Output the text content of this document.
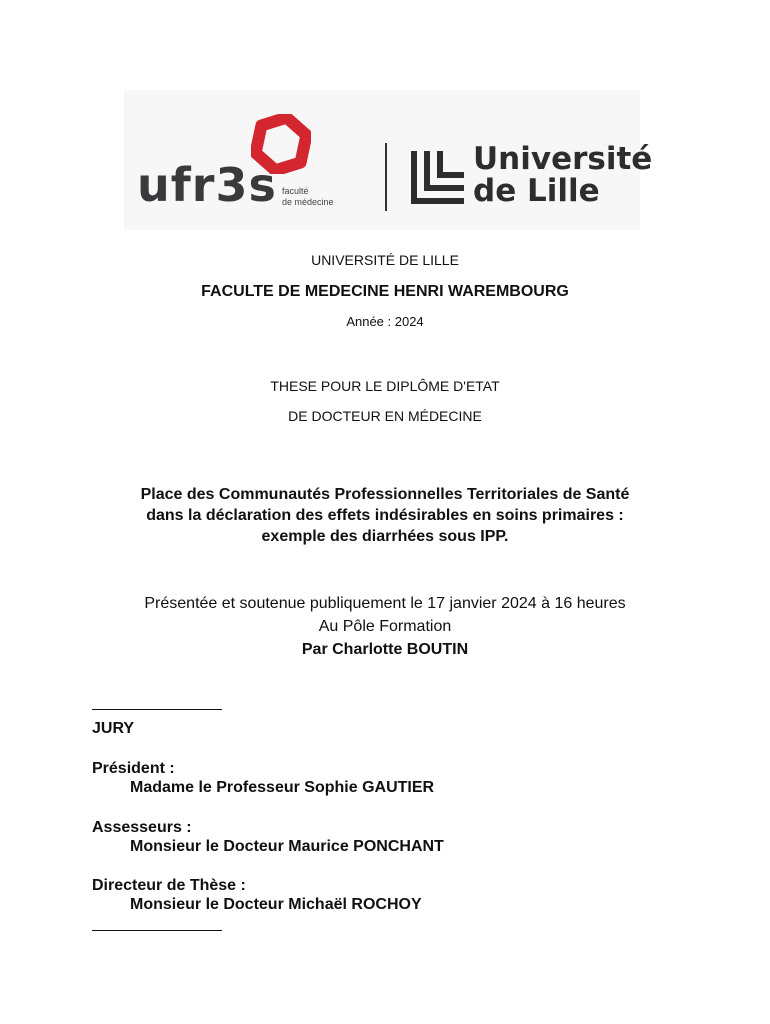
ufr3s faculté
de médecine
Université
de Lille
UNIVERSITÉ DE LILLE
FACULTE DE MEDECINE HENRI WAREMBOURG
Année : 2024
THESE POUR LE DIPLÔME D'ETAT
DE DOCTEUR EN MÉDECINE
Place des Communautés Professionnelles Territoriales de Santé
dans la déclaration des effets indésirables en soins primaires :
exemple des diarrhées sous IPP.
Présentée et soutenue publiquement le 17 janvier 2024 à 16 heures
Au Pôle Formation
Par Charlotte BOUTIN
JURY
Président :
Madame le Professeur Sophie GAUTIER
Assesseurs :
Monsieur le Docteur Maurice PONCHANT
Directeur de Thèse :
Monsieur le Docteur Michaël ROCHOY
